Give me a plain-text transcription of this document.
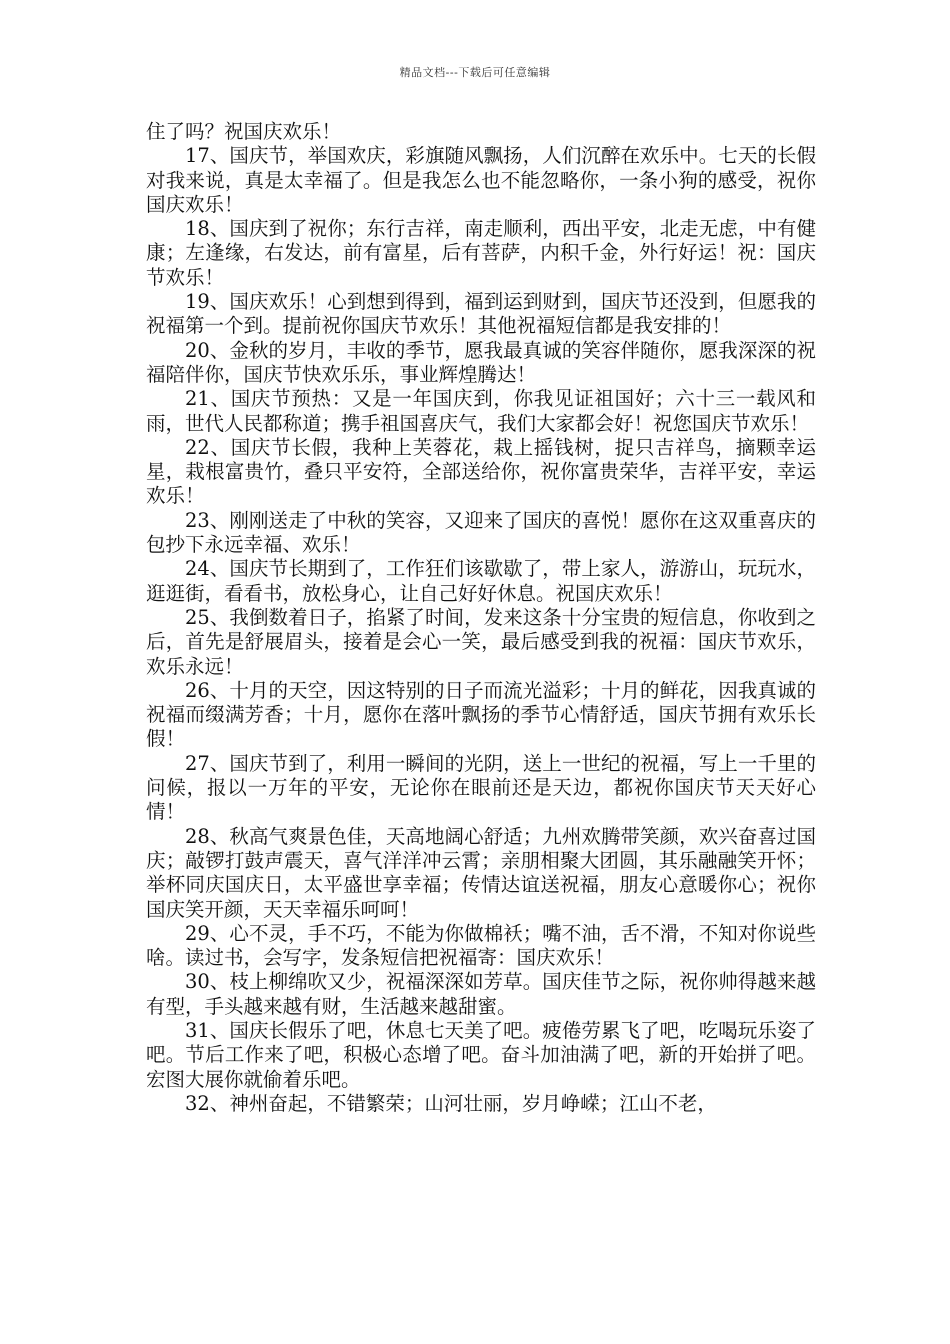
精品文档---下载后可任意编辑

住了吗？祝国庆欢乐！

17、国庆节，举国欢庆，彩旗随风飘扬，人们沉醉在欢乐中。七天的长假对我来说，真是太幸福了。但是我怎么也不能忽略你，一条小狗的感受，祝你国庆欢乐！

18、国庆到了祝你；东行吉祥，南走顺利，西出平安，北走无虑，中有健康；左逢缘，右发达，前有富星，后有菩萨，内积千金，外行好运！祝：国庆节欢乐！

19、国庆欢乐！心到想到得到，福到运到财到，国庆节还没到，但愿我的祝福第一个到。提前祝你国庆节欢乐！其他祝福短信都是我安排的！

20、金秋的岁月，丰收的季节，愿我最真诚的笑容伴随你，愿我深深的祝福陪伴你，国庆节快欢乐乐，事业辉煌腾达！

21、国庆节预热：又是一年国庆到，你我见证祖国好；六十三一载风和雨，世代人民都称道；携手祖国喜庆气，我们大家都会好！祝您国庆节欢乐！

22、国庆节长假，我种上芙蓉花，栽上摇钱树，捉只吉祥鸟，摘颗幸运星，栽根富贵竹，叠只平安符，全部送给你，祝你富贵荣华，吉祥平安，幸运欢乐！

23、刚刚送走了中秋的笑容，又迎来了国庆的喜悦！愿你在这双重喜庆的包抄下永远幸福、欢乐！

24、国庆节长期到了，工作狂们该歇歇了，带上家人，游游山，玩玩水，逛逛街，看看书，放松身心，让自己好好休息。祝国庆欢乐！

25、我倒数着日子，掐紧了时间，发来这条十分宝贵的短信息，你收到之后，首先是舒展眉头，接着是会心一笑，最后感受到我的祝福：国庆节欢乐，欢乐永远！

26、十月的天空，因这特别的日子而流光溢彩；十月的鲜花，因我真诚的祝福而缀满芳香；十月，愿你在落叶飘扬的季节心情舒适，国庆节拥有欢乐长假！

27、国庆节到了，利用一瞬间的光阴，送上一世纪的祝福，写上一千里的问候，报以一万年的平安，无论你在眼前还是天边，都祝你国庆节天天好心情！

28、秋高气爽景色佳，天高地阔心舒适；九州欢腾带笑颜，欢兴奋喜过国庆；敲锣打鼓声震天，喜气洋洋冲云霄；亲朋相聚大团圆，其乐融融笑开怀；举杯同庆国庆日，太平盛世享幸福；传情达谊送祝福，朋友心意暖你心；祝你国庆笑开颜，天天幸福乐呵呵！

29、心不灵，手不巧，不能为你做棉袄；嘴不油，舌不滑，不知对你说些啥。读过书，会写字，发条短信把祝福寄：国庆欢乐！

30、枝上柳绵吹又少，祝福深深如芳草。国庆佳节之际，祝你帅得越来越有型，手头越来越有财，生活越来越甜蜜。

31、国庆长假乐了吧，休息七天美了吧。疲倦劳累飞了吧，吃喝玩乐姿了吧。节后工作来了吧，积极心态增了吧。奋斗加油满了吧，新的开始拼了吧。宏图大展你就偷着乐吧。

32、神州奋起，不错繁荣；山河壮丽，岁月峥嵘；江山不老，
